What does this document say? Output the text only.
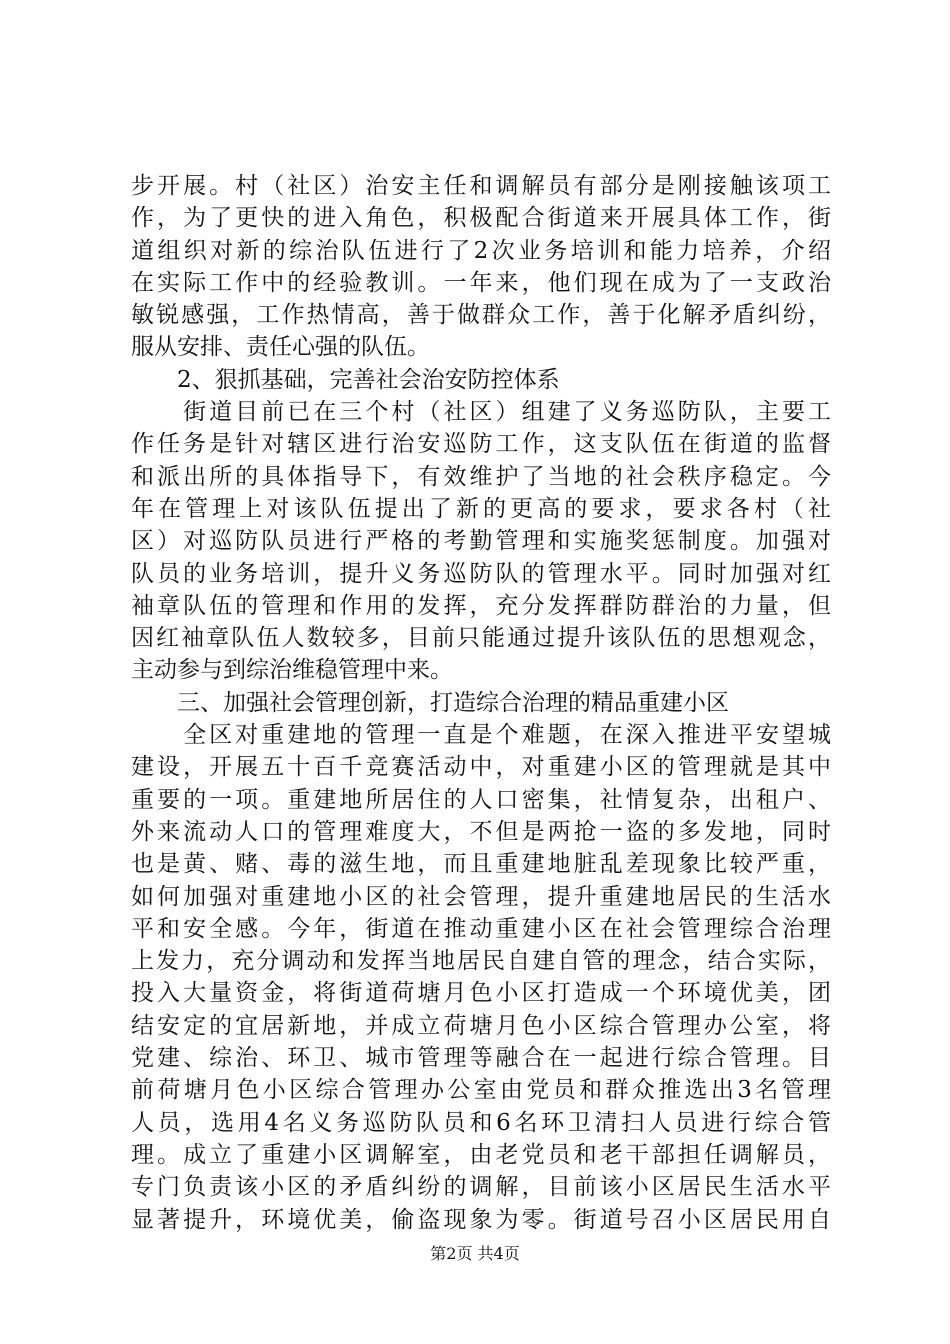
步开展。村（社区）治安主任和调解员有部分是刚接触该项工
作，为了更快的进入角色，积极配合街道来开展具体工作，街
道组织对新的综治队伍进行了2次业务培训和能力培养，介绍
在实际工作中的经验教训。一年来，他们现在成为了一支政治
敏锐感强，工作热情高，善于做群众工作，善于化解矛盾纠纷，
服从安排、责任心强的队伍。
　　2、狠抓基础，完善社会治安防控体系
　　街道目前已在三个村（社区）组建了义务巡防队，主要工
作任务是针对辖区进行治安巡防工作，这支队伍在街道的监督
和派出所的具体指导下，有效维护了当地的社会秩序稳定。今
年在管理上对该队伍提出了新的更高的要求，要求各村（社
区）对巡防队员进行严格的考勤管理和实施奖惩制度。加强对
队员的业务培训，提升义务巡防队的管理水平。同时加强对红
袖章队伍的管理和作用的发挥，充分发挥群防群治的力量，但
因红袖章队伍人数较多，目前只能通过提升该队伍的思想观念，
主动参与到综治维稳管理中来。
　　三、加强社会管理创新，打造综合治理的精品重建小区
　　全区对重建地的管理一直是个难题，在深入推进平安望城
建设，开展五十百千竞赛活动中，对重建小区的管理就是其中
重要的一项。重建地所居住的人口密集，社情复杂，出租户、
外来流动人口的管理难度大，不但是两抢一盗的多发地，同时
也是黄、赌、毒的滋生地，而且重建地脏乱差现象比较严重，
如何加强对重建地小区的社会管理，提升重建地居民的生活水
平和安全感。今年，街道在推动重建小区在社会管理综合治理
上发力，充分调动和发挥当地居民自建自管的理念，结合实际，
投入大量资金，将街道荷塘月色小区打造成一个环境优美，团
结安定的宜居新地，并成立荷塘月色小区综合管理办公室，将
党建、综治、环卫、城市管理等融合在一起进行综合管理。目
前荷塘月色小区综合管理办公室由党员和群众推选出3名管理
人员，选用4名义务巡防队员和6名环卫清扫人员进行综合管
理。成立了重建小区调解室，由老党员和老干部担任调解员，
专门负责该小区的矛盾纠纷的调解，目前该小区居民生活水平
显著提升，环境优美，偷盗现象为零。街道号召小区居民用自
第2页 共4页
